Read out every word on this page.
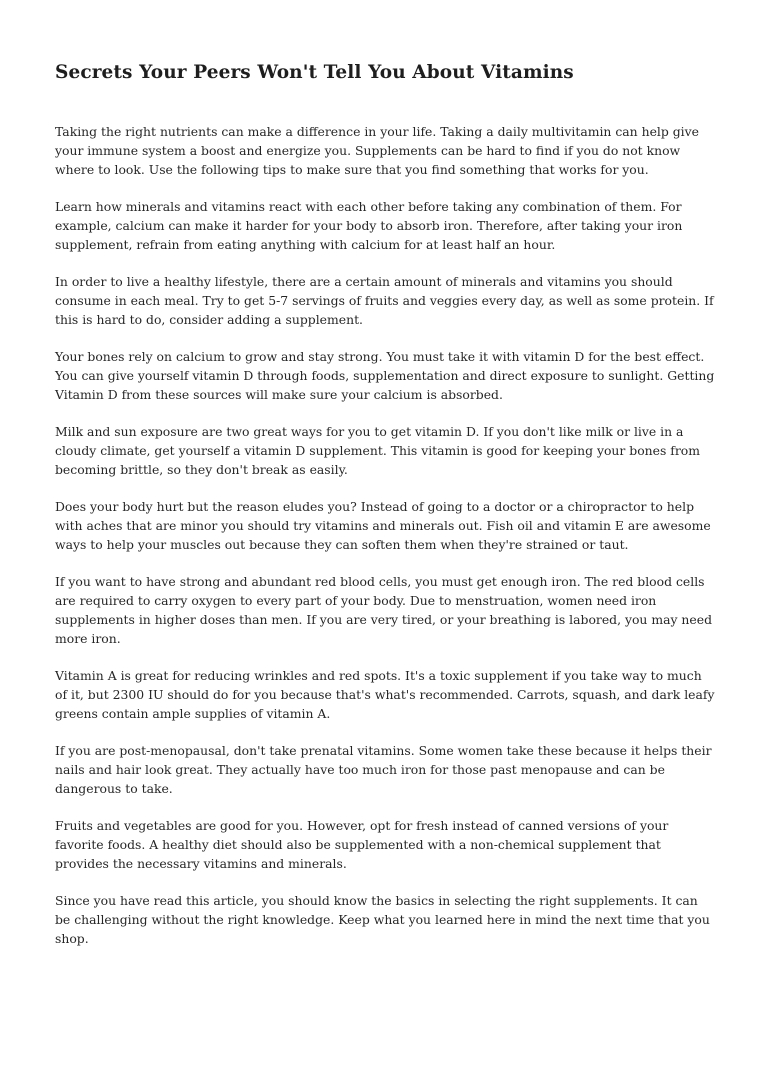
Secrets Your Peers Won't Tell You About Vitamins

Taking the right nutrients can make a difference in your life. Taking a daily multivitamin can help give your immune system a boost and energize you. Supplements can be hard to find if you do not know where to look. Use the following tips to make sure that you find something that works for you.

Learn how minerals and vitamins react with each other before taking any combination of them. For example, calcium can make it harder for your body to absorb iron. Therefore, after taking your iron supplement, refrain from eating anything with calcium for at least half an hour.

In order to live a healthy lifestyle, there are a certain amount of minerals and vitamins you should consume in each meal. Try to get 5-7 servings of fruits and veggies every day, as well as some protein. If this is hard to do, consider adding a supplement.

Your bones rely on calcium to grow and stay strong. You must take it with vitamin D for the best effect. You can give yourself vitamin D through foods, supplementation and direct exposure to sunlight. Getting Vitamin D from these sources will make sure your calcium is absorbed.

Milk and sun exposure are two great ways for you to get vitamin D. If you don't like milk or live in a cloudy climate, get yourself a vitamin D supplement. This vitamin is good for keeping your bones from becoming brittle, so they don't break as easily.

Does your body hurt but the reason eludes you? Instead of going to a doctor or a chiropractor to help with aches that are minor you should try vitamins and minerals out. Fish oil and vitamin E are awesome ways to help your muscles out because they can soften them when they're strained or taut.

If you want to have strong and abundant red blood cells, you must get enough iron. The red blood cells are required to carry oxygen to every part of your body. Due to menstruation, women need iron supplements in higher doses than men. If you are very tired, or your breathing is labored, you may need more iron.

Vitamin A is great for reducing wrinkles and red spots. It's a toxic supplement if you take way to much of it, but 2300 IU should do for you because that's what's recommended. Carrots, squash, and dark leafy greens contain ample supplies of vitamin A.

If you are post-menopausal, don't take prenatal vitamins. Some women take these because it helps their nails and hair look great. They actually have too much iron for those past menopause and can be dangerous to take.

Fruits and vegetables are good for you. However, opt for fresh instead of canned versions of your favorite foods. A healthy diet should also be supplemented with a non-chemical supplement that provides the necessary vitamins and minerals.

Since you have read this article, you should know the basics in selecting the right supplements. It can be challenging without the right knowledge. Keep what you learned here in mind the next time that you shop.
